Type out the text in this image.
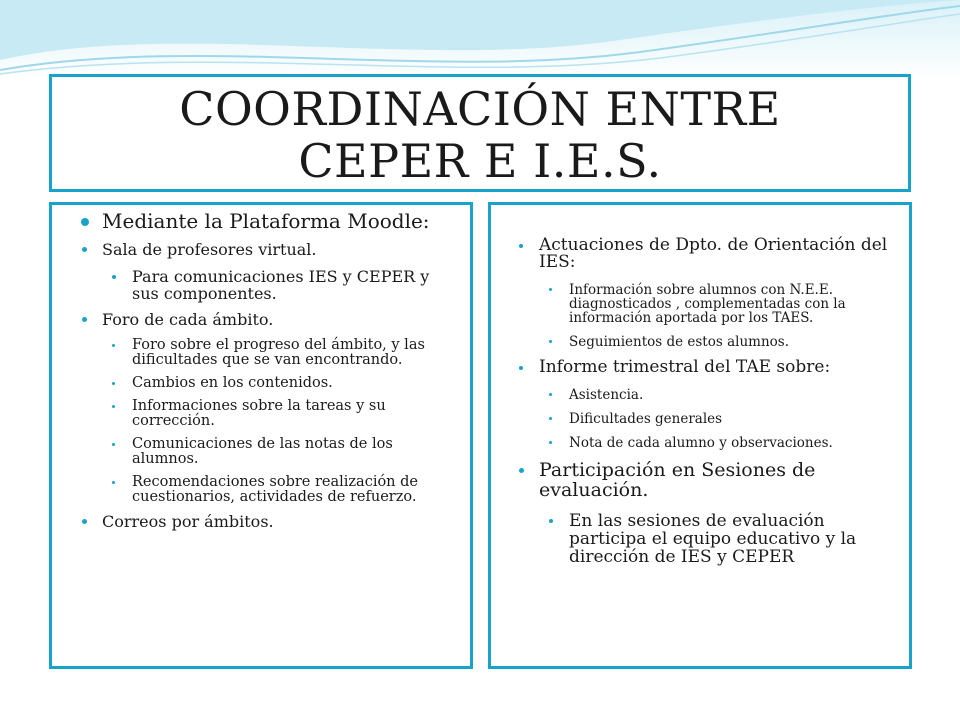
COORDINACIÓN ENTRE
CEPER E I.E.S.
Mediante la Plataforma Moodle:
Sala de profesores virtual.
Para comunicaciones IES y CEPER y sus componentes.
Foro de cada ámbito.
Foro sobre el progreso del ámbito, y las dificultades que se van encontrando.
Cambios en los contenidos.
Informaciones sobre la tareas y su corrección.
Comunicaciones de las notas de los alumnos.
Recomendaciones sobre realización de cuestionarios, actividades de refuerzo.
Correos por ámbitos.
Actuaciones de Dpto. de Orientación del IES:
Información sobre alumnos con N.E.E. diagnosticados , complementadas con la información aportada por los TAES.
Seguimientos de estos alumnos.
Informe trimestral del TAE sobre:
Asistencia.
Dificultades generales
Nota de cada alumno y observaciones.
Participación en Sesiones de evaluación.
En las sesiones de evaluación participa el equipo educativo y la dirección de IES y CEPER
